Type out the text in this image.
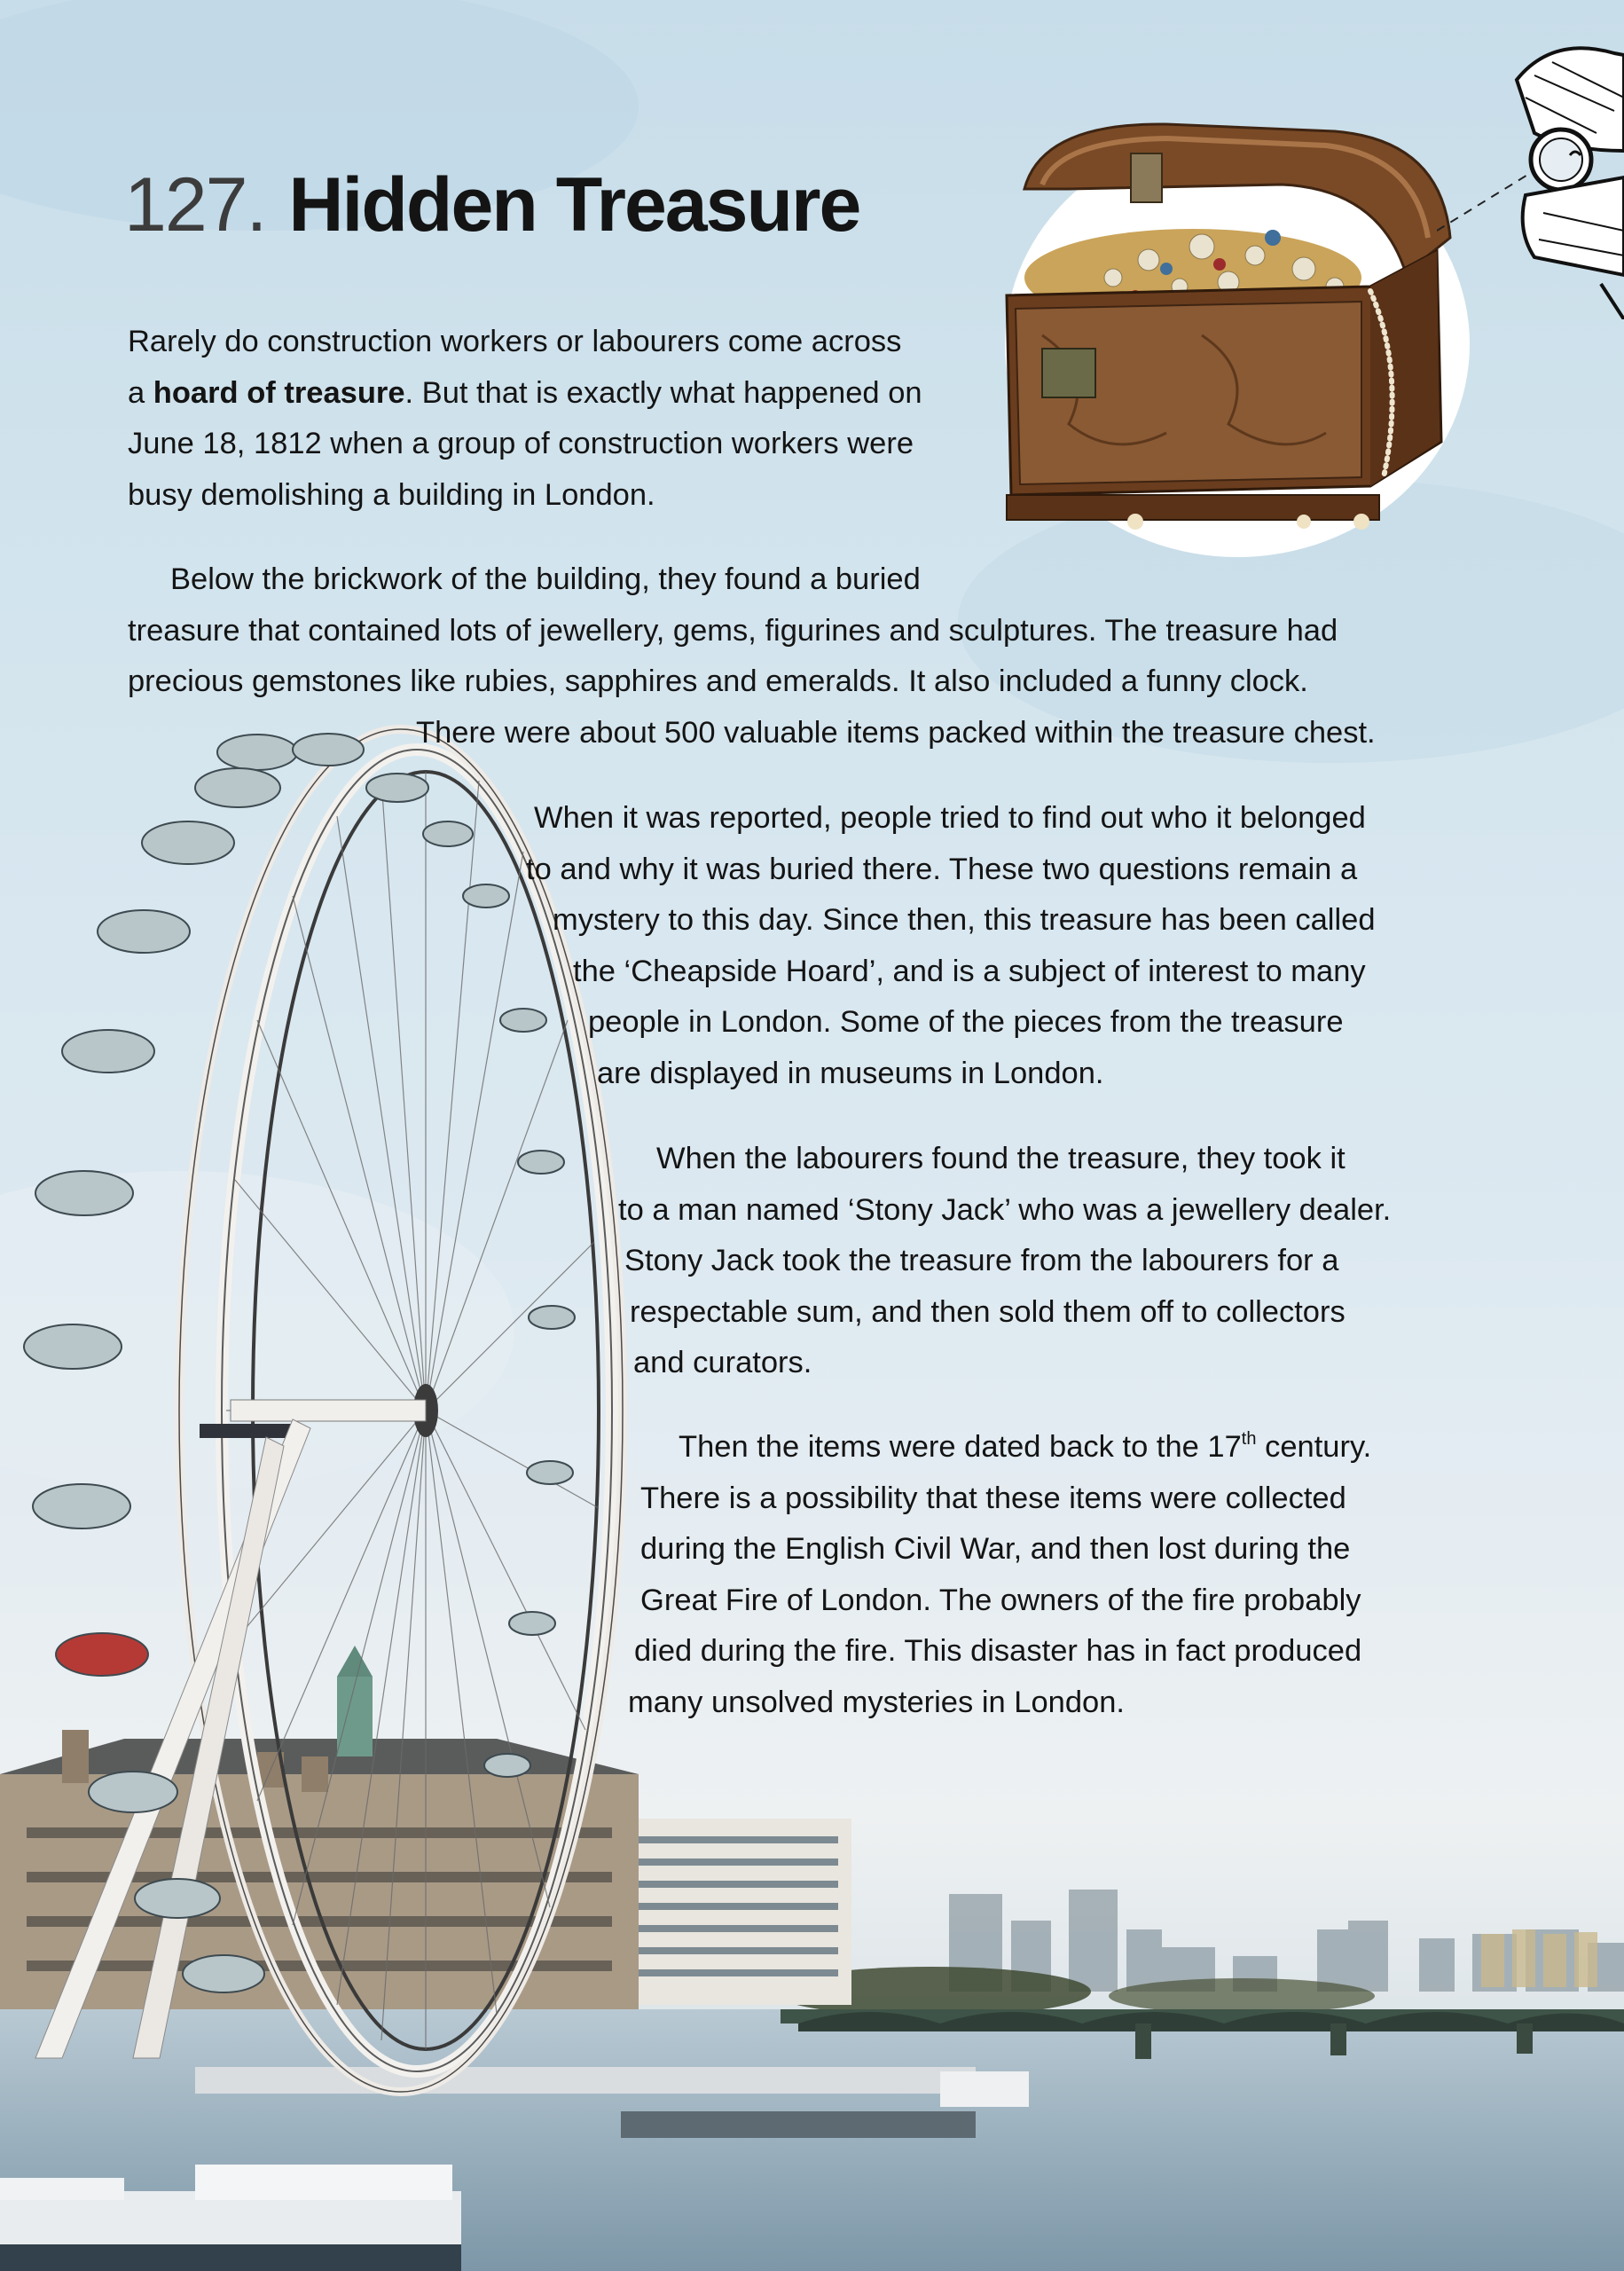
127. Hidden Treasure

Rarely do construction workers or labourers come across

a hoard of treasure. But that is exactly what happened on

June 18, 1812 when a group of construction workers were

busy demolishing a building in London.

Below the brickwork of the building, they found a buried

treasure that contained lots of jewellery, gems, figurines and sculptures. The treasure had

precious gemstones like rubies, sapphires and emeralds. It also included a funny clock.

There were about 500 valuable items packed within the treasure chest.

When it was reported, people tried to find out who it belonged

to and why it was buried there. These two questions remain a

mystery to this day. Since then, this treasure has been called

the ‘Cheapside Hoard’, and is a subject of interest to many

people in London. Some of the pieces from the treasure

are displayed in museums in London.

When the labourers found the treasure, they took it

to a man named ‘Stony Jack’ who was a jewellery dealer.

Stony Jack took the treasure from the labourers for a

respectable sum, and then sold them off to collectors

and curators.

Then the items were dated back to the 17th century.

There is a possibility that these items were collected

during the English Civil War, and then lost during the

Great Fire of London. The owners of the fire probably

died during the fire. This disaster has in fact produced

many unsolved mysteries in London.
